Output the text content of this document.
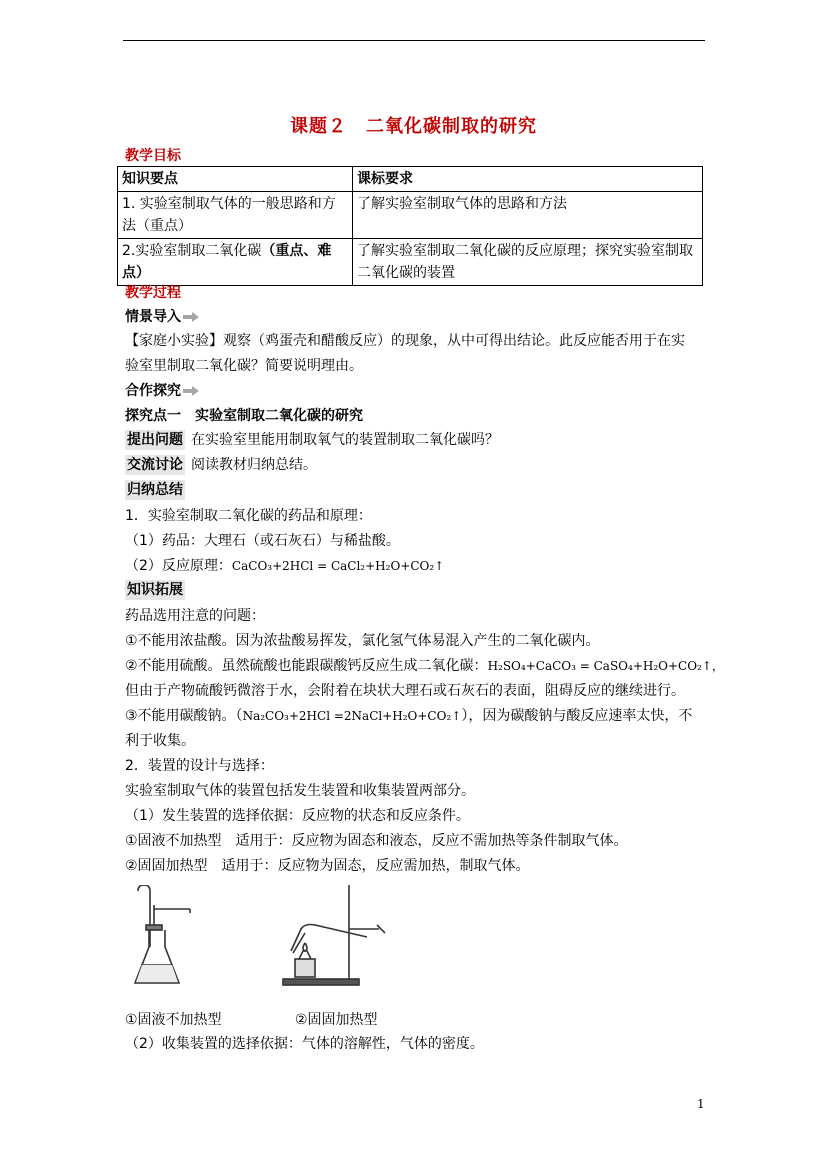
课题２　二氧化碳制取的研究
教学目标
知识要点	课标要求
1. 实验室制取气体的一般思路和方法（重点）	了解实验室制取气体的思路和方法
2.实验室制取二氧化碳（重点、难点）	了解实验室制取二氧化碳的反应原理；探究实验室制取二氧化碳的装置
教学过程
情景导入
【家庭小实验】观察（鸡蛋壳和醋酸反应）的现象，从中可得出结论。此反应能否用于在实
验室里制取二氧化碳？简要说明理由。
合作探究
探究点一 实验室制取二氧化碳的研究
提出问题 在实验室里能用制取氧气的装置制取二氧化碳吗？
交流讨论 阅读教材归纳总结。
归纳总结
1．实验室制取二氧化碳的药品和原理：
（1）药品：大理石（或石灰石）与稀盐酸。
（2）反应原理：CaCO₃+2HCl = CaCl₂+H₂O+CO₂↑
知识拓展
药品选用注意的问题：
①不能用浓盐酸。因为浓盐酸易挥发，氯化氢气体易混入产生的二氧化碳内。
②不能用硫酸。虽然硫酸也能跟碳酸钙反应生成二氧化碳：H₂SO₄+CaCO₃ = CaSO₄+H₂O+CO₂↑，
但由于产物硫酸钙微溶于水，会附着在块状大理石或石灰石的表面，阻碍反应的继续进行。
③不能用碳酸钠。（Na₂CO₃+2HCl =2NaCl+H₂O+CO₂↑），因为碳酸钠与酸反应速率太快，不
利于收集。
2．装置的设计与选择：
实验室制取气体的装置包括发生装置和收集装置两部分。
（1）发生装置的选择依据：反应物的状态和反应条件。
①固液不加热型　适用于：反应物为固态和液态，反应不需加热等条件制取气体。
②固固加热型　适用于：反应物为固态，反应需加热，制取气体。
①固液不加热型	②固固加热型
（2）收集装置的选择依据：气体的溶解性，气体的密度。
1
